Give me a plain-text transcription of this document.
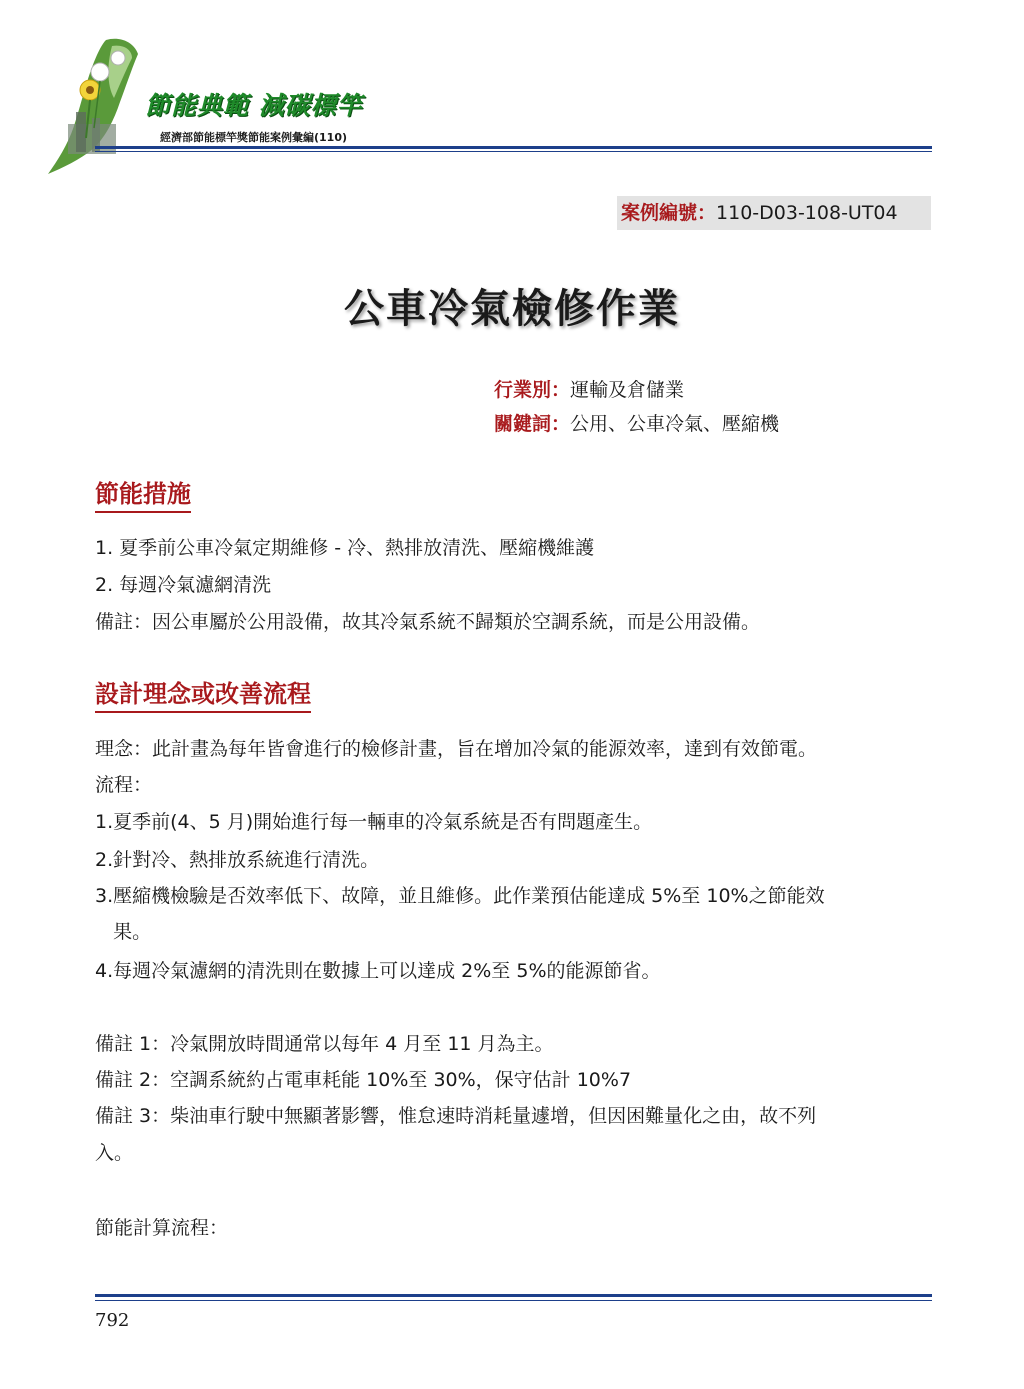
節能典範 減碳標竿
經濟部節能標竿獎節能案例彙編(110)
案例編號：110-D03-108-UT04
公車冷氣檢修作業
行業別：運輸及倉儲業
關鍵詞：公用、公車冷氣、壓縮機
節能措施
1. 夏季前公車冷氣定期維修 - 冷、熱排放清洗、壓縮機維護
2. 每週冷氣濾網清洗
備註：因公車屬於公用設備，故其冷氣系統不歸類於空調系統，而是公用設備。
設計理念或改善流程
理念：此計畫為每年皆會進行的檢修計畫，旨在增加冷氣的能源效率，達到有效節電。
流程：
1.夏季前(4、5 月)開始進行每一輛車的冷氣系統是否有問題產生。
2.針對冷、熱排放系統進行清洗。
3.壓縮機檢驗是否效率低下、故障，並且維修。此作業預估能達成 5%至 10%之節能效
果。
4.每週冷氣濾網的清洗則在數據上可以達成 2%至 5%的能源節省。
備註 1：冷氣開放時間通常以每年 4 月至 11 月為主。
備註 2：空調系統約占電車耗能 10%至 30%，保守估計 10%7
備註 3：柴油車行駛中無顯著影響，惟怠速時消耗量遽增，但因困難量化之由，故不列
入。
節能計算流程：
792
